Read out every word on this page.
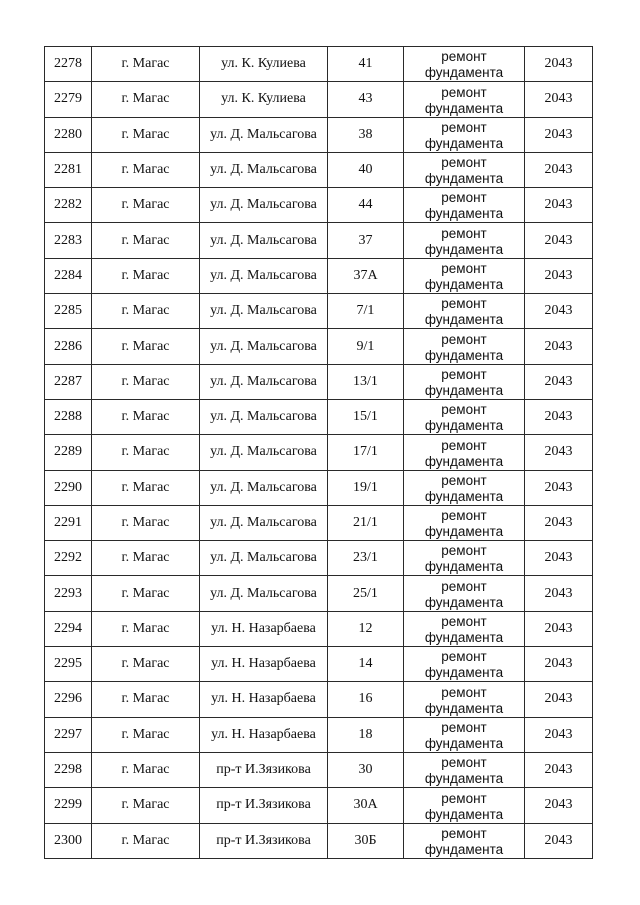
2278	г. Магас	ул. К. Кулиева	41	ремонт
фундамента	2043
2279	г. Магас	ул. К. Кулиева	43	ремонт
фундамента	2043
2280	г. Магас	ул. Д. Мальсагова	38	ремонт
фундамента	2043
2281	г. Магас	ул. Д. Мальсагова	40	ремонт
фундамента	2043
2282	г. Магас	ул. Д. Мальсагова	44	ремонт
фундамента	2043
2283	г. Магас	ул. Д. Мальсагова	37	ремонт
фундамента	2043
2284	г. Магас	ул. Д. Мальсагова	37А	ремонт
фундамента	2043
2285	г. Магас	ул. Д. Мальсагова	7/1	ремонт
фундамента	2043
2286	г. Магас	ул. Д. Мальсагова	9/1	ремонт
фундамента	2043
2287	г. Магас	ул. Д. Мальсагова	13/1	ремонт
фундамента	2043
2288	г. Магас	ул. Д. Мальсагова	15/1	ремонт
фундамента	2043
2289	г. Магас	ул. Д. Мальсагова	17/1	ремонт
фундамента	2043
2290	г. Магас	ул. Д. Мальсагова	19/1	ремонт
фундамента	2043
2291	г. Магас	ул. Д. Мальсагова	21/1	ремонт
фундамента	2043
2292	г. Магас	ул. Д. Мальсагова	23/1	ремонт
фундамента	2043
2293	г. Магас	ул. Д. Мальсагова	25/1	ремонт
фундамента	2043
2294	г. Магас	ул. Н. Назарбаева	12	ремонт
фундамента	2043
2295	г. Магас	ул. Н. Назарбаева	14	ремонт
фундамента	2043
2296	г. Магас	ул. Н. Назарбаева	16	ремонт
фундамента	2043
2297	г. Магас	ул. Н. Назарбаева	18	ремонт
фундамента	2043
2298	г. Магас	пр-т И.Зязикова	30	ремонт
фундамента	2043
2299	г. Магас	пр-т И.Зязикова	30А	ремонт
фундамента	2043
2300	г. Магас	пр-т И.Зязикова	30Б	ремонт
фундамента	2043
